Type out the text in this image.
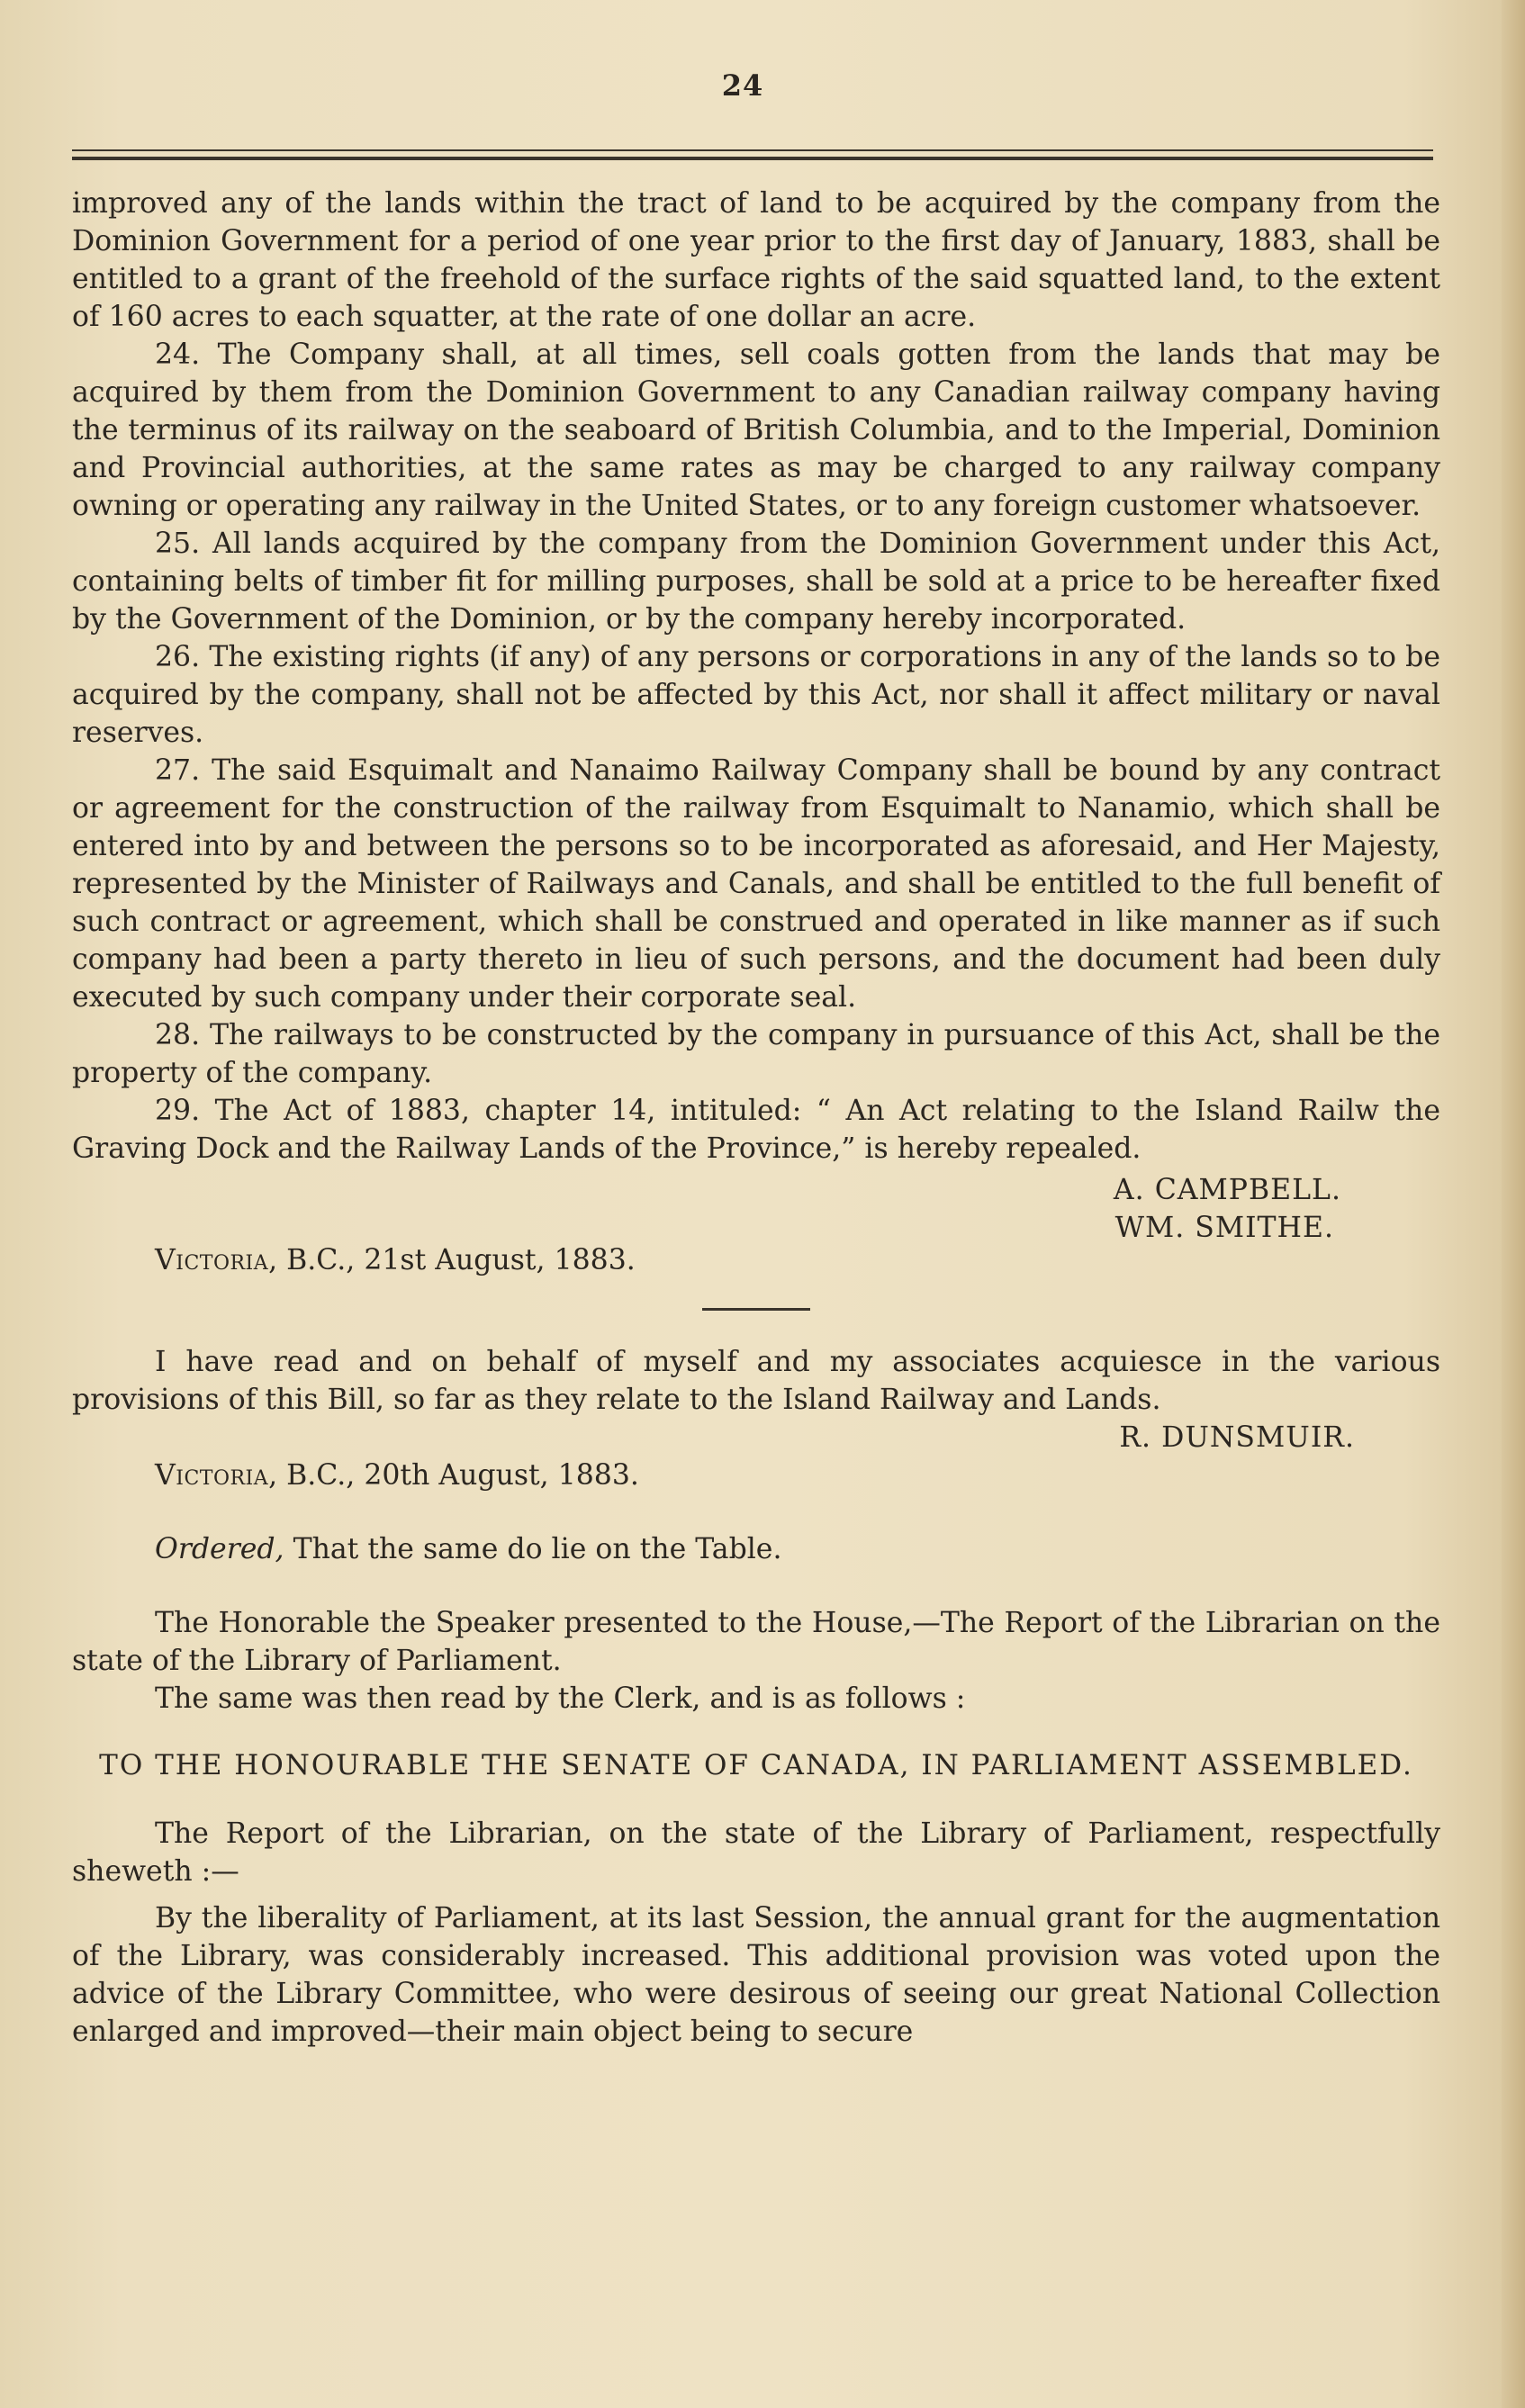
24

improved any of the lands within the tract of land to be acquired by the company from the Dominion Government for a period of one year prior to the first day of January, 1883, shall be entitled to a grant of the freehold of the surface rights of the said squatted land, to the extent of 160 acres to each squatter, at the rate of one dollar an acre.

24. The Company shall, at all times, sell coals gotten from the lands that may be acquired by them from the Dominion Government to any Canadian railway company having the terminus of its railway on the seaboard of British Columbia, and to the Imperial, Dominion and Provincial authorities, at the same rates as may be charged to any railway company owning or operating any railway in the United States, or to any foreign customer whatsoever.

25. All lands acquired by the company from the Dominion Government under this Act, containing belts of timber fit for milling purposes, shall be sold at a price to be hereafter fixed by the Government of the Dominion, or by the company hereby incorporated.

26. The existing rights (if any) of any persons or corporations in any of the lands so to be acquired by the company, shall not be affected by this Act, nor shall it affect military or naval reserves.

27. The said Esquimalt and Nanaimo Railway Company shall be bound by any contract or agreement for the construction of the railway from Esquimalt to Nanamio, which shall be entered into by and between the persons so to be incorporated as aforesaid, and Her Majesty, represented by the Minister of Railways and Canals, and shall be entitled to the full benefit of such contract or agreement, which shall be construed and operated in like manner as if such company had been a party thereto in lieu of such persons, and the document had been duly executed by such company under their corporate seal.

28. The railways to be constructed by the company in pursuance of this Act, shall be the property of the company.

29. The Act of 1883, chapter 14, intituled: “ An Act relating to the Island Railw the Graving Dock and the Railway Lands of the Province,” is hereby repealed.

A. CAMPBELL.

WM. SMITHE.

Victoria, B.C., 21st August, 1883.

I have read and on behalf of myself and my associates acquiesce in the various provisions of this Bill, so far as they relate to the Island Railway and Lands.

R. DUNSMUIR.

Victoria, B.C., 20th August, 1883.

Ordered, That the same do lie on the Table.

The Honorable the Speaker presented to the House,—The Report of the Librarian on the state of the Library of Parliament.

The same was then read by the Clerk, and is as follows :

TO THE HONOURABLE THE SENATE OF CANADA, IN PARLIAMENT ASSEMBLED.

The Report of the Librarian, on the state of the Library of Parliament, respectfully sheweth :—

By the liberality of Parliament, at its last Session, the annual grant for the augmentation of the Library, was considerably increased. This additional provision was voted upon the advice of the Library Committee, who were desirous of seeing our great National Collection enlarged and improved—their main object being to secure
